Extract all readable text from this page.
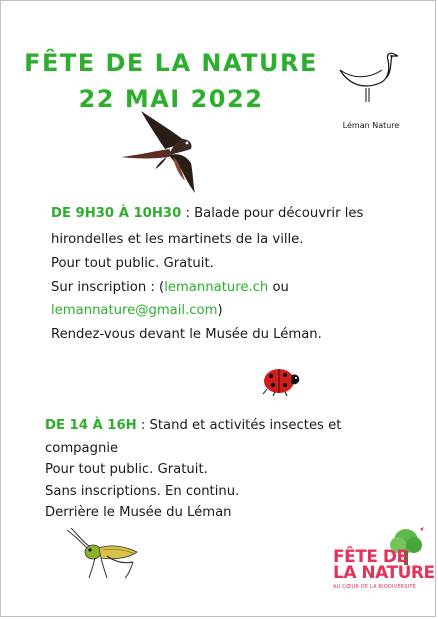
FÊTE DE LA NATURE
22 MAI 2022
Léman Nature
DE 9H30 À 10H30 : Balade pour découvrir les
hirondelles et les martinets de la ville.
Pour tout public. Gratuit.
Sur inscription : (lemannature.ch ou
lemannature@gmail.com)
Rendez-vous devant le Musée du Léman.
DE 14 À 16H : Stand et activités insectes et
compagnie
Pour tout public. Gratuit.
Sans inscriptions. En continu.
Derrière le Musée du Léman
FÊTE DE
LA NATURE
AU CŒUR DE LA BIODIVERSITÉ
